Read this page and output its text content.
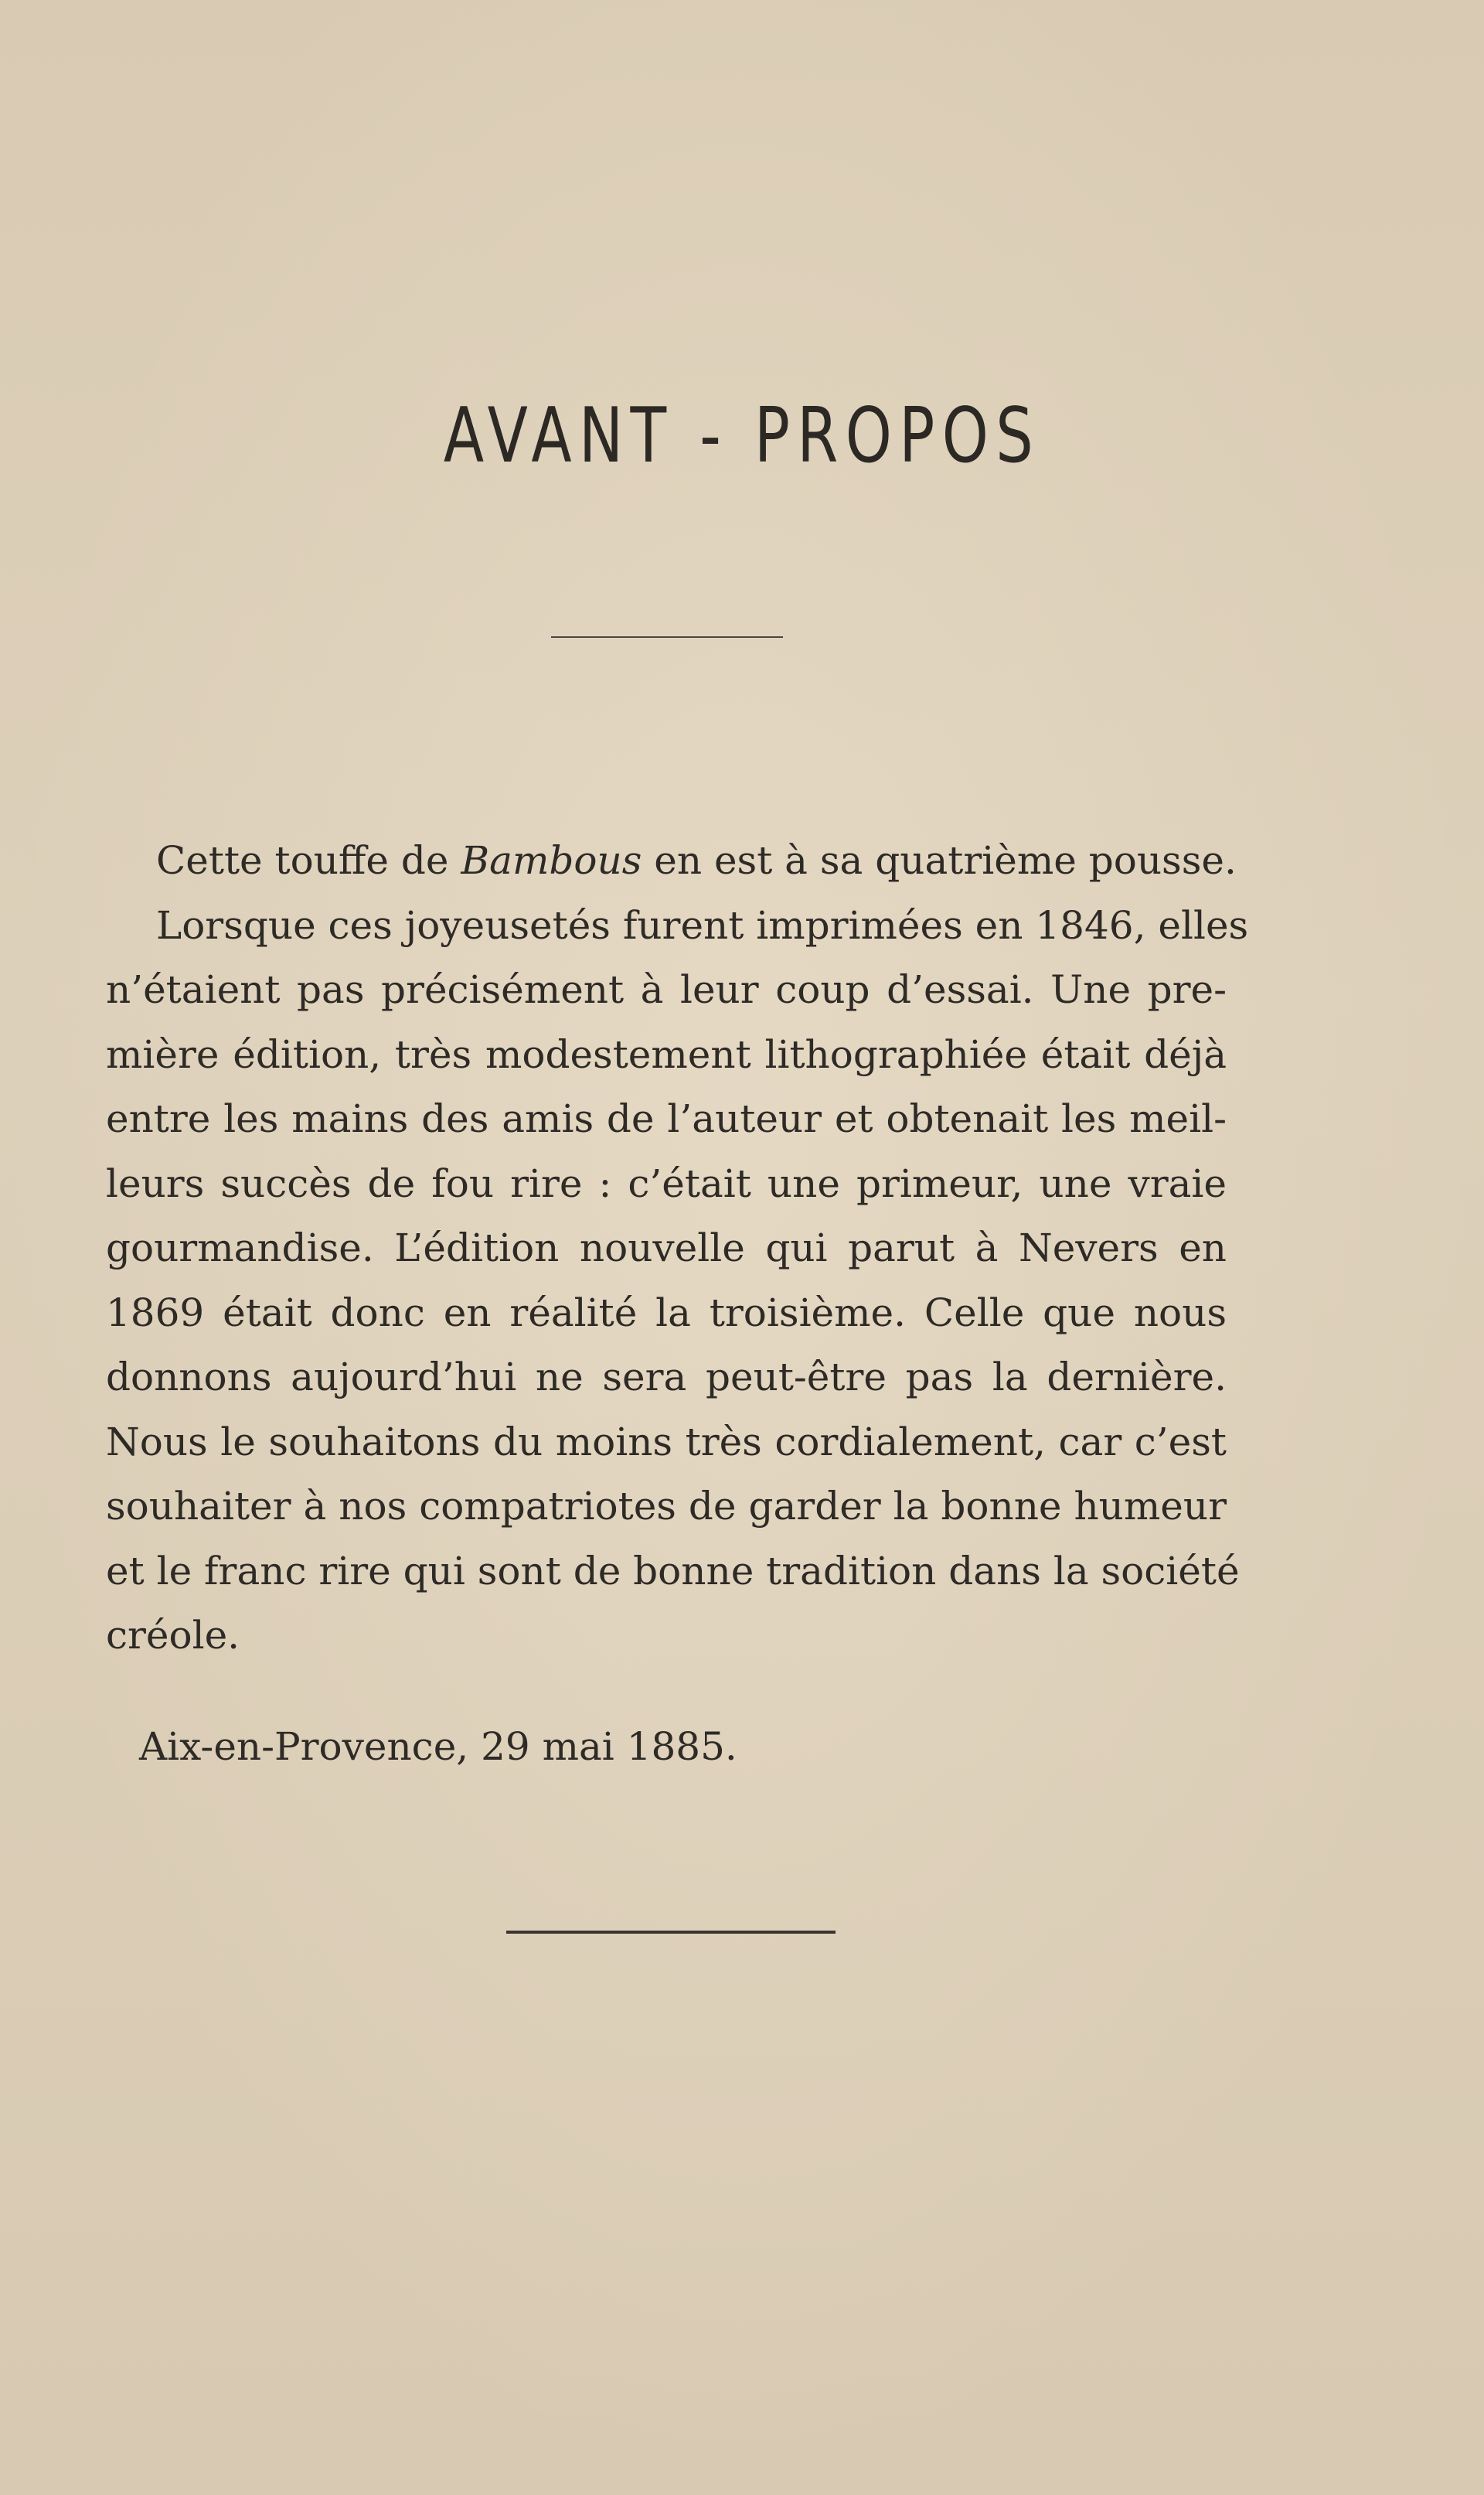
AVANT - PROPOS
Cette touffe de Bambous en est à sa quatrième pousse.
Lorsque ces joyeusetés furent imprimées en 1846, elles
n’étaient pas précisément à leur coup d’essai. Une pre-
mière édition, très modestement lithographiée était déjà
entre les mains des amis de l’auteur et obtenait les meil-
leurs succès de fou rire : c’était une primeur, une vraie
gourmandise. L’édition nouvelle qui parut à Nevers en
1869 était donc en réalité la troisième. Celle que nous
donnons aujourd’hui ne sera peut-être pas la dernière.
Nous le souhaitons du moins très cordialement, car c’est
souhaiter à nos compatriotes de garder la bonne humeur
et le franc rire qui sont de bonne tradition dans la société
créole.
Aix-en-Provence, 29 mai 1885.
